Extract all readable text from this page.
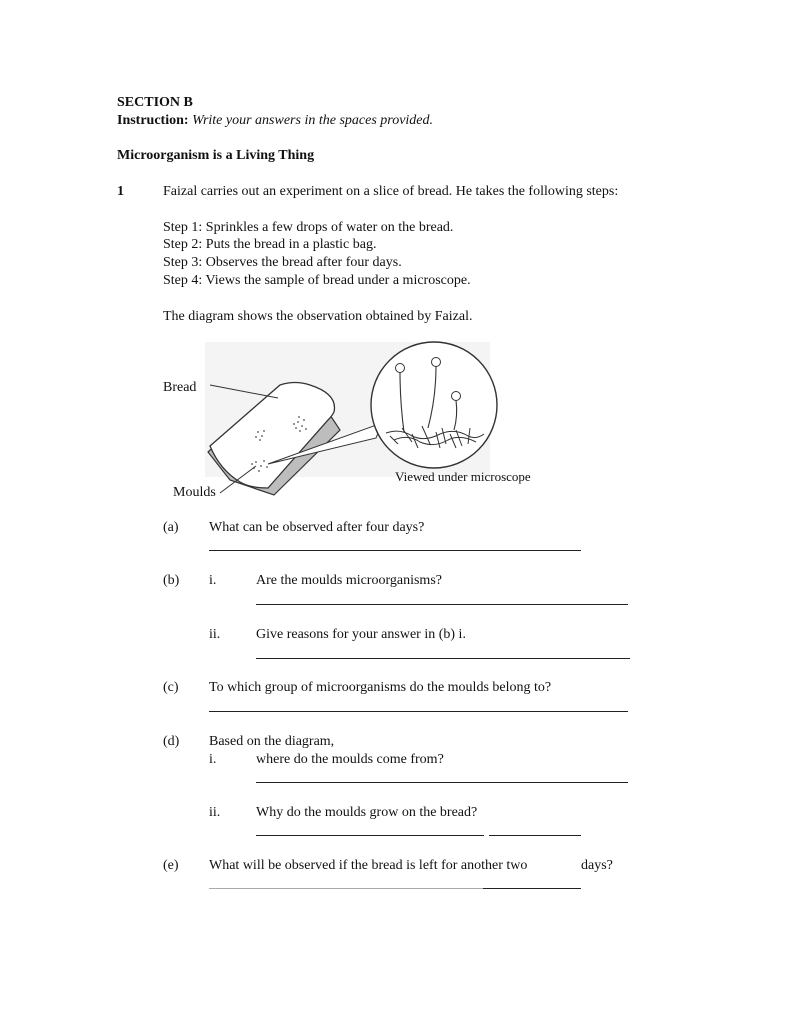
SECTION B
Instruction: Write your answers in the spaces provided.
Microorganism is a Living Thing
1	Faizal carries out an experiment on a slice of bread. He takes the following steps:
Step 1: Sprinkles a few drops of water on the bread.
Step 2: Puts the bread in a plastic bag.
Step 3: Observes the bread after four days.
Step 4: Views the sample of bread under a microscope.
The diagram shows the observation obtained by Faizal.
Bread
Moulds
Viewed under microscope
(a) What can be observed after four days?
(b) i.	Are the moulds microorganisms?
ii.	Give reasons for your answer in (b) i.
(c) To which group of microorganisms do the moulds belong to?
(d) Based on the diagram,
i.	where do the moulds come from?
ii.	Why do the moulds grow on the bread?
(e) What will be observed if the bread is left for another two	days?
